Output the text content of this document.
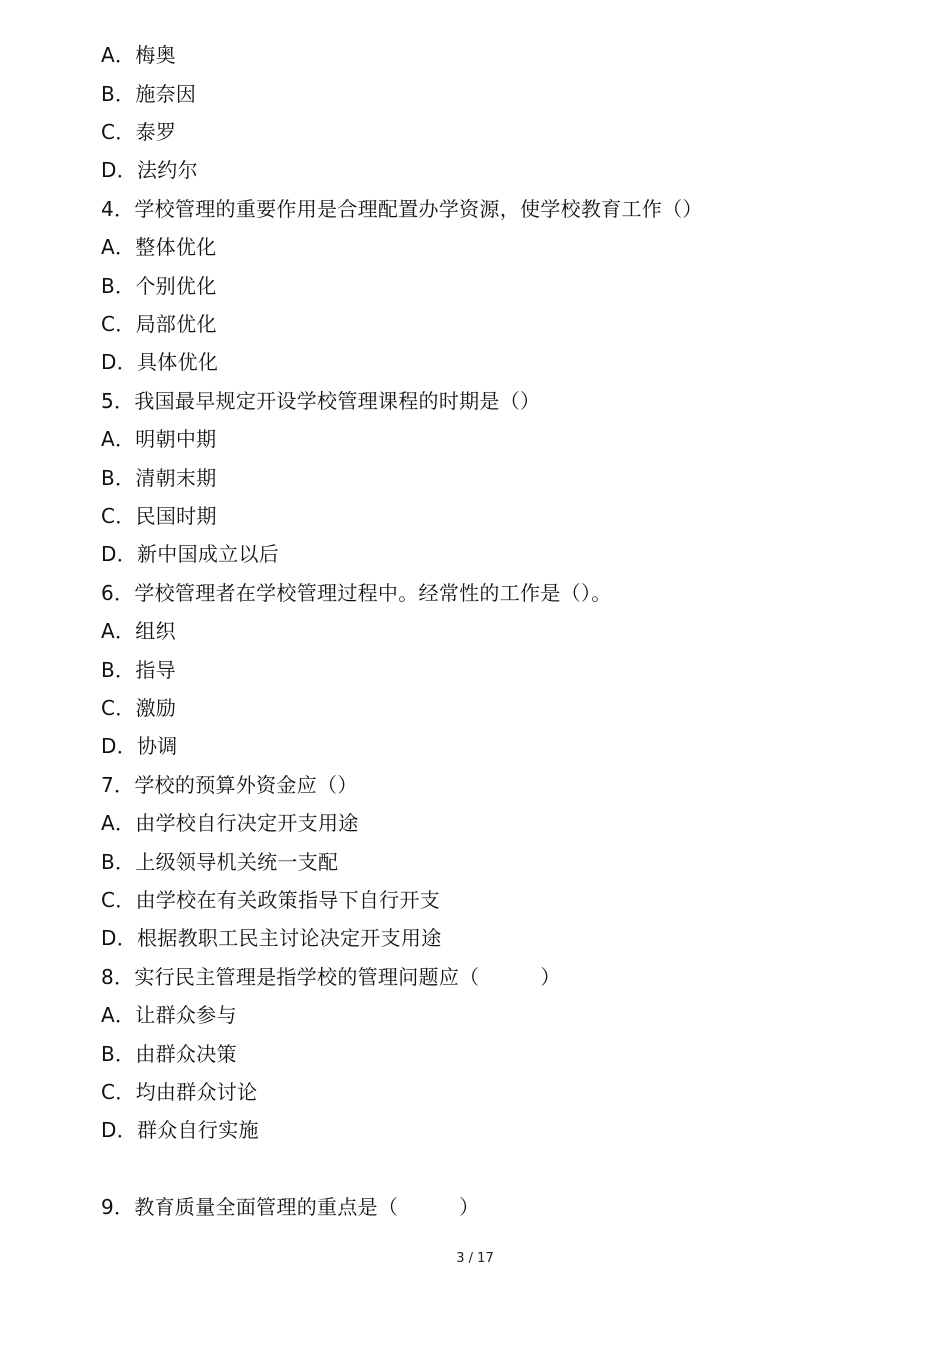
A．梅奥
B．施奈因
C．泰罗
D．法约尔
4．学校管理的重要作用是合理配置办学资源，使学校教育工作（）
A．整体优化
B．个别优化
C．局部优化
D．具体优化
5．我国最早规定开设学校管理课程的时期是（）
A．明朝中期
B．清朝末期
C．民国时期
D．新中国成立以后
6．学校管理者在学校管理过程中。经常性的工作是（）。
A．组织
B．指导
C．激励
D．协调
7．学校的预算外资金应（）
A．由学校自行决定开支用途
B．上级领导机关统一支配
C．由学校在有关政策指导下自行开支
D．根据教职工民主讨论决定开支用途
8．实行民主管理是指学校的管理问题应（　　　）
A．让群众参与
B．由群众决策
C．均由群众讨论
D．群众自行实施
9．教育质量全面管理的重点是（　　　）
3 / 17
